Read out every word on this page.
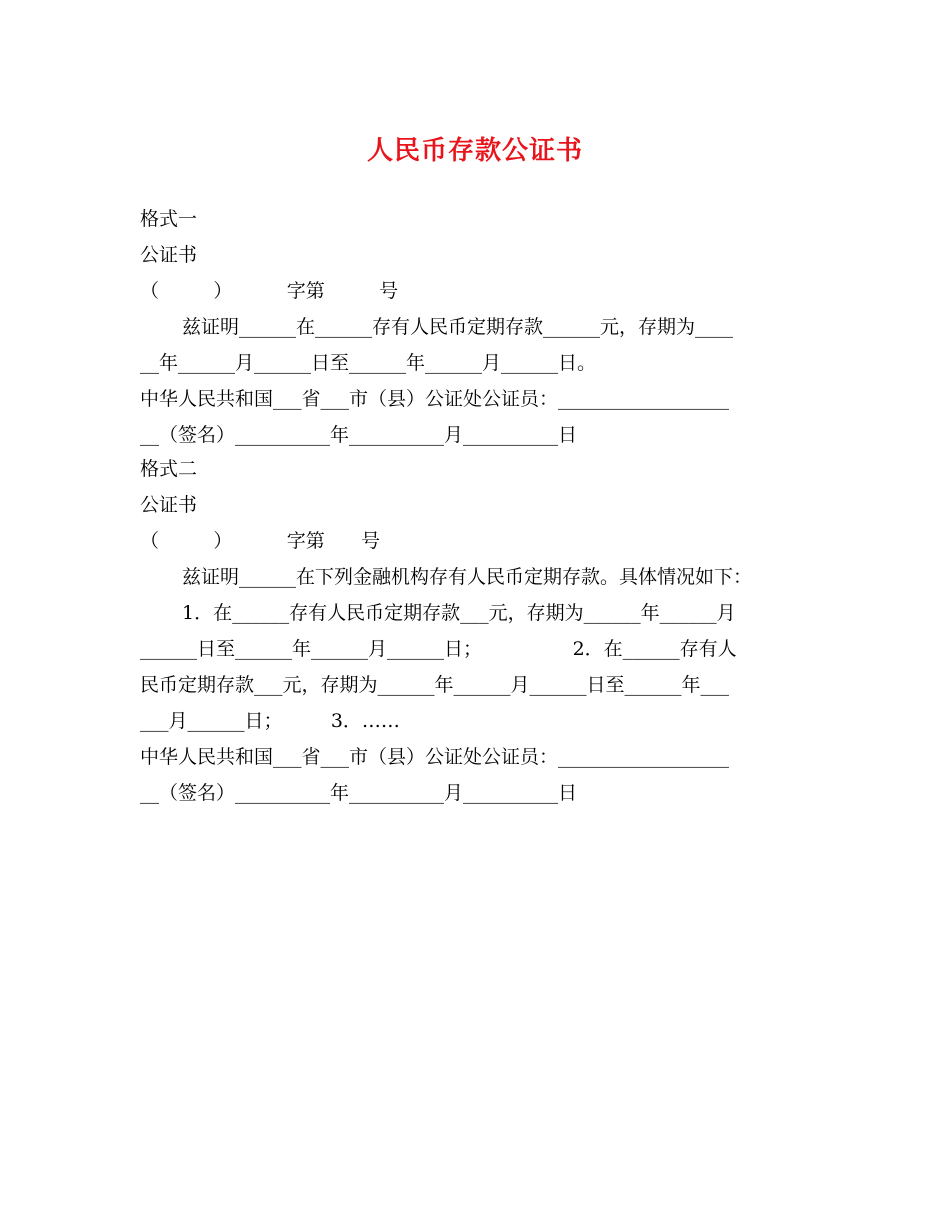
人民币存款公证书
格式一
公证书
（         ）         字第         号
兹证明______在______存有人民币定期存款______元，存期为____
__年______月______日至______年______月______日。
中华人民共和国___省___市（县）公证处公证员：__________________
__（签名）__________年__________月__________日
格式二
公证书
（         ）         字第      号
兹证明______在下列金融机构存有人民币定期存款。具体情况如下：
1．在______存有人民币定期存款___元，存期为______年______月
______日至______年______月______日；               2．在______存有人
民币定期存款___元，存期为______年______月______日至______年___
___月______日；        3．……
中华人民共和国___省___市（县）公证处公证员：__________________
__（签名）__________年__________月__________日
